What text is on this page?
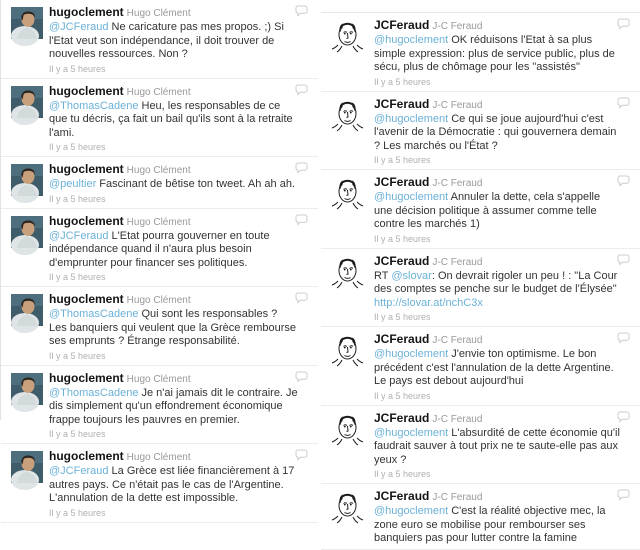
hugoclement Hugo Clément
@JCFeraud Ne caricature pas mes propos. ;) Si l'Etat veut son indépendance, il doit trouver de nouvelles ressources. Non ?
Il y a 5 heures
hugoclement Hugo Clément
@ThomasCadene Heu, les responsables de ce que tu décris, ça fait un bail qu'ils sont à la retraite l'ami.
Il y a 5 heures
hugoclement Hugo Clément
@peultier Fascinant de bêtise ton tweet. Ah ah ah.
Il y a 5 heures
hugoclement Hugo Clément
@JCFeraud L'Etat pourra gouverner en toute indépendance quand il n'aura plus besoin d'emprunter pour financer ses politiques.
Il y a 5 heures
hugoclement Hugo Clément
@ThomasCadene Qui sont les responsables ? Les banquiers qui veulent que la Grèce rembourse ses emprunts ? Étrange responsabilité.
Il y a 5 heures
hugoclement Hugo Clément
@ThomasCadene Je n'ai jamais dit le contraire. Je dis simplement qu'un effondrement économique frappe toujours les pauvres en premier.
Il y a 5 heures
hugoclement Hugo Clément
@JCFeraud La Grèce est liée financièrement à 17 autres pays. Ce n'était pas le cas de l'Argentine. L'annulation de la dette est impossible.
Il y a 5 heures
JCFeraud J-C Feraud
@hugoclement OK réduisons l'Etat à sa plus simple expression: plus de service public, plus de sécu, plus de chômage pour les "assistés"
Il y a 5 heures
JCFeraud J-C Feraud
@hugoclement Ce qui se joue aujourd'hui c'est l'avenir de la Démocratie : qui gouvernera demain ? Les marchés ou l'État ?
Il y a 5 heures
JCFeraud J-C Feraud
@hugoclement Annuler la dette, cela s'appelle une décision politique à assumer comme telle contre les marchés 1)
Il y a 5 heures
JCFeraud J-C Feraud
RT @slovar: On devrait rigoler un peu ! : "La Cour des comptes se penche sur le budget de l'Élysée" http://slovar.at/nchC3x
Il y a 5 heures
JCFeraud J-C Feraud
@hugoclement J'envie ton optimisme. Le bon précédent c'est l'annulation de la dette Argentine. Le pays est debout aujourd'hui
Il y a 5 heures
JCFeraud J-C Feraud
@hugoclement L'absurdité de cette économie qu'il faudrait sauver à tout prix ne te saute-elle pas aux yeux ?
Il y a 5 heures
JCFeraud J-C Feraud
@hugoclement C'est la réalité objective mec, la zone euro se mobilise pour rembourser ses banquiers pas pour lutter contre la famine
